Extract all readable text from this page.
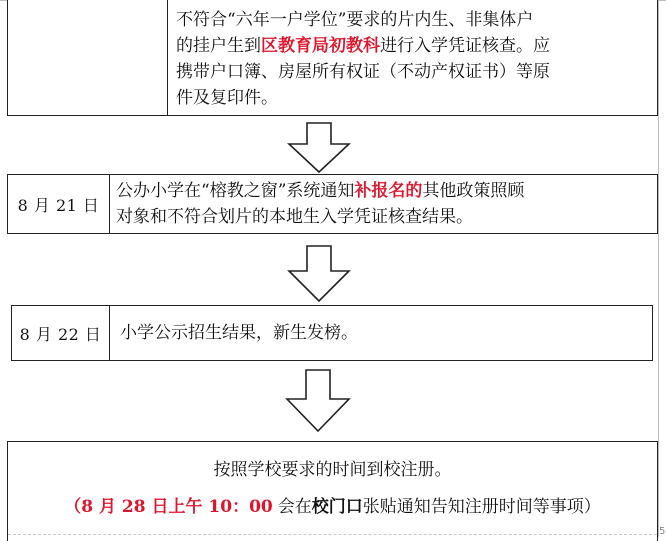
不符合“六年一户学位”要求的片内生、非集体户
的挂户生到区教育局初教科进行入学凭证核查。应
携带户口簿、房屋所有权证（不动产权证书）等原
件及复印件。
8 月 21 日
公办小学在“榕教之窗”系统通知补报名的其他政策照顾
对象和不符合划片的本地生入学凭证核查结果。
8 月 22 日 小学公示招生结果，新生发榜。
按照学校要求的时间到校注册。
（8 月 28 日上午 10：00 会在校门口张贴通知告知注册时间等事项）
5
